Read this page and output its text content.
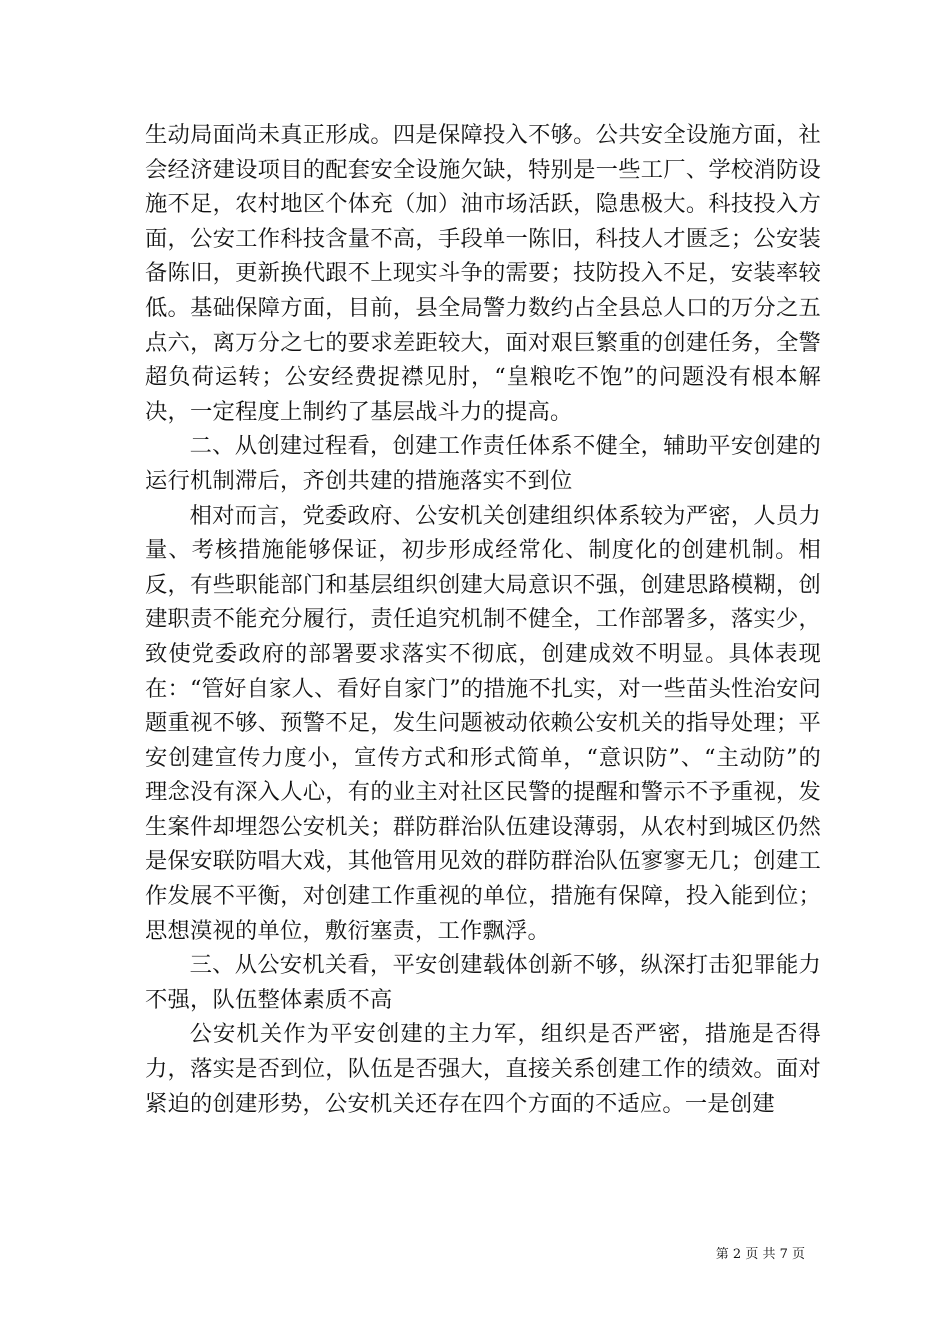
生动局面尚未真正形成。四是保障投入不够。公共安全设施方面，社会经济建设项目的配套安全设施欠缺，特别是一些工厂、学校消防设施不足，农村地区个体充（加）油市场活跃，隐患极大。科技投入方面，公安工作科技含量不高，手段单一陈旧，科技人才匮乏；公安装备陈旧，更新换代跟不上现实斗争的需要；技防投入不足，安装率较低。基础保障方面，目前，县全局警力数约占全县总人口的万分之五点六，离万分之七的要求差距较大，面对艰巨繁重的创建任务，全警超负荷运转；公安经费捉襟见肘，“皇粮吃不饱”的问题没有根本解决，一定程度上制约了基层战斗力的提高。

二、从创建过程看，创建工作责任体系不健全，辅助平安创建的运行机制滞后，齐创共建的措施落实不到位

相对而言，党委政府、公安机关创建组织体系较为严密，人员力量、考核措施能够保证，初步形成经常化、制度化的创建机制。相反，有些职能部门和基层组织创建大局意识不强，创建思路模糊，创建职责不能充分履行，责任追究机制不健全，工作部署多，落实少，致使党委政府的部署要求落实不彻底，创建成效不明显。具体表现在：“管好自家人、看好自家门”的措施不扎实，对一些苗头性治安问题重视不够、预警不足，发生问题被动依赖公安机关的指导处理；平安创建宣传力度小，宣传方式和形式简单，“意识防”、“主动防”的理念没有深入人心，有的业主对社区民警的提醒和警示不予重视，发生案件却埋怨公安机关；群防群治队伍建设薄弱，从农村到城区仍然是保安联防唱大戏，其他管用见效的群防群治队伍寥寥无几；创建工作发展不平衡，对创建工作重视的单位，措施有保障，投入能到位；思想漠视的单位，敷衍塞责，工作飘浮。

三、从公安机关看，平安创建载体创新不够，纵深打击犯罪能力不强，队伍整体素质不高

公安机关作为平安创建的主力军，组织是否严密，措施是否得力，落实是否到位，队伍是否强大，直接关系创建工作的绩效。面对紧迫的创建形势，公安机关还存在四个方面的不适应。一是创建

第 2 页 共 7 页
